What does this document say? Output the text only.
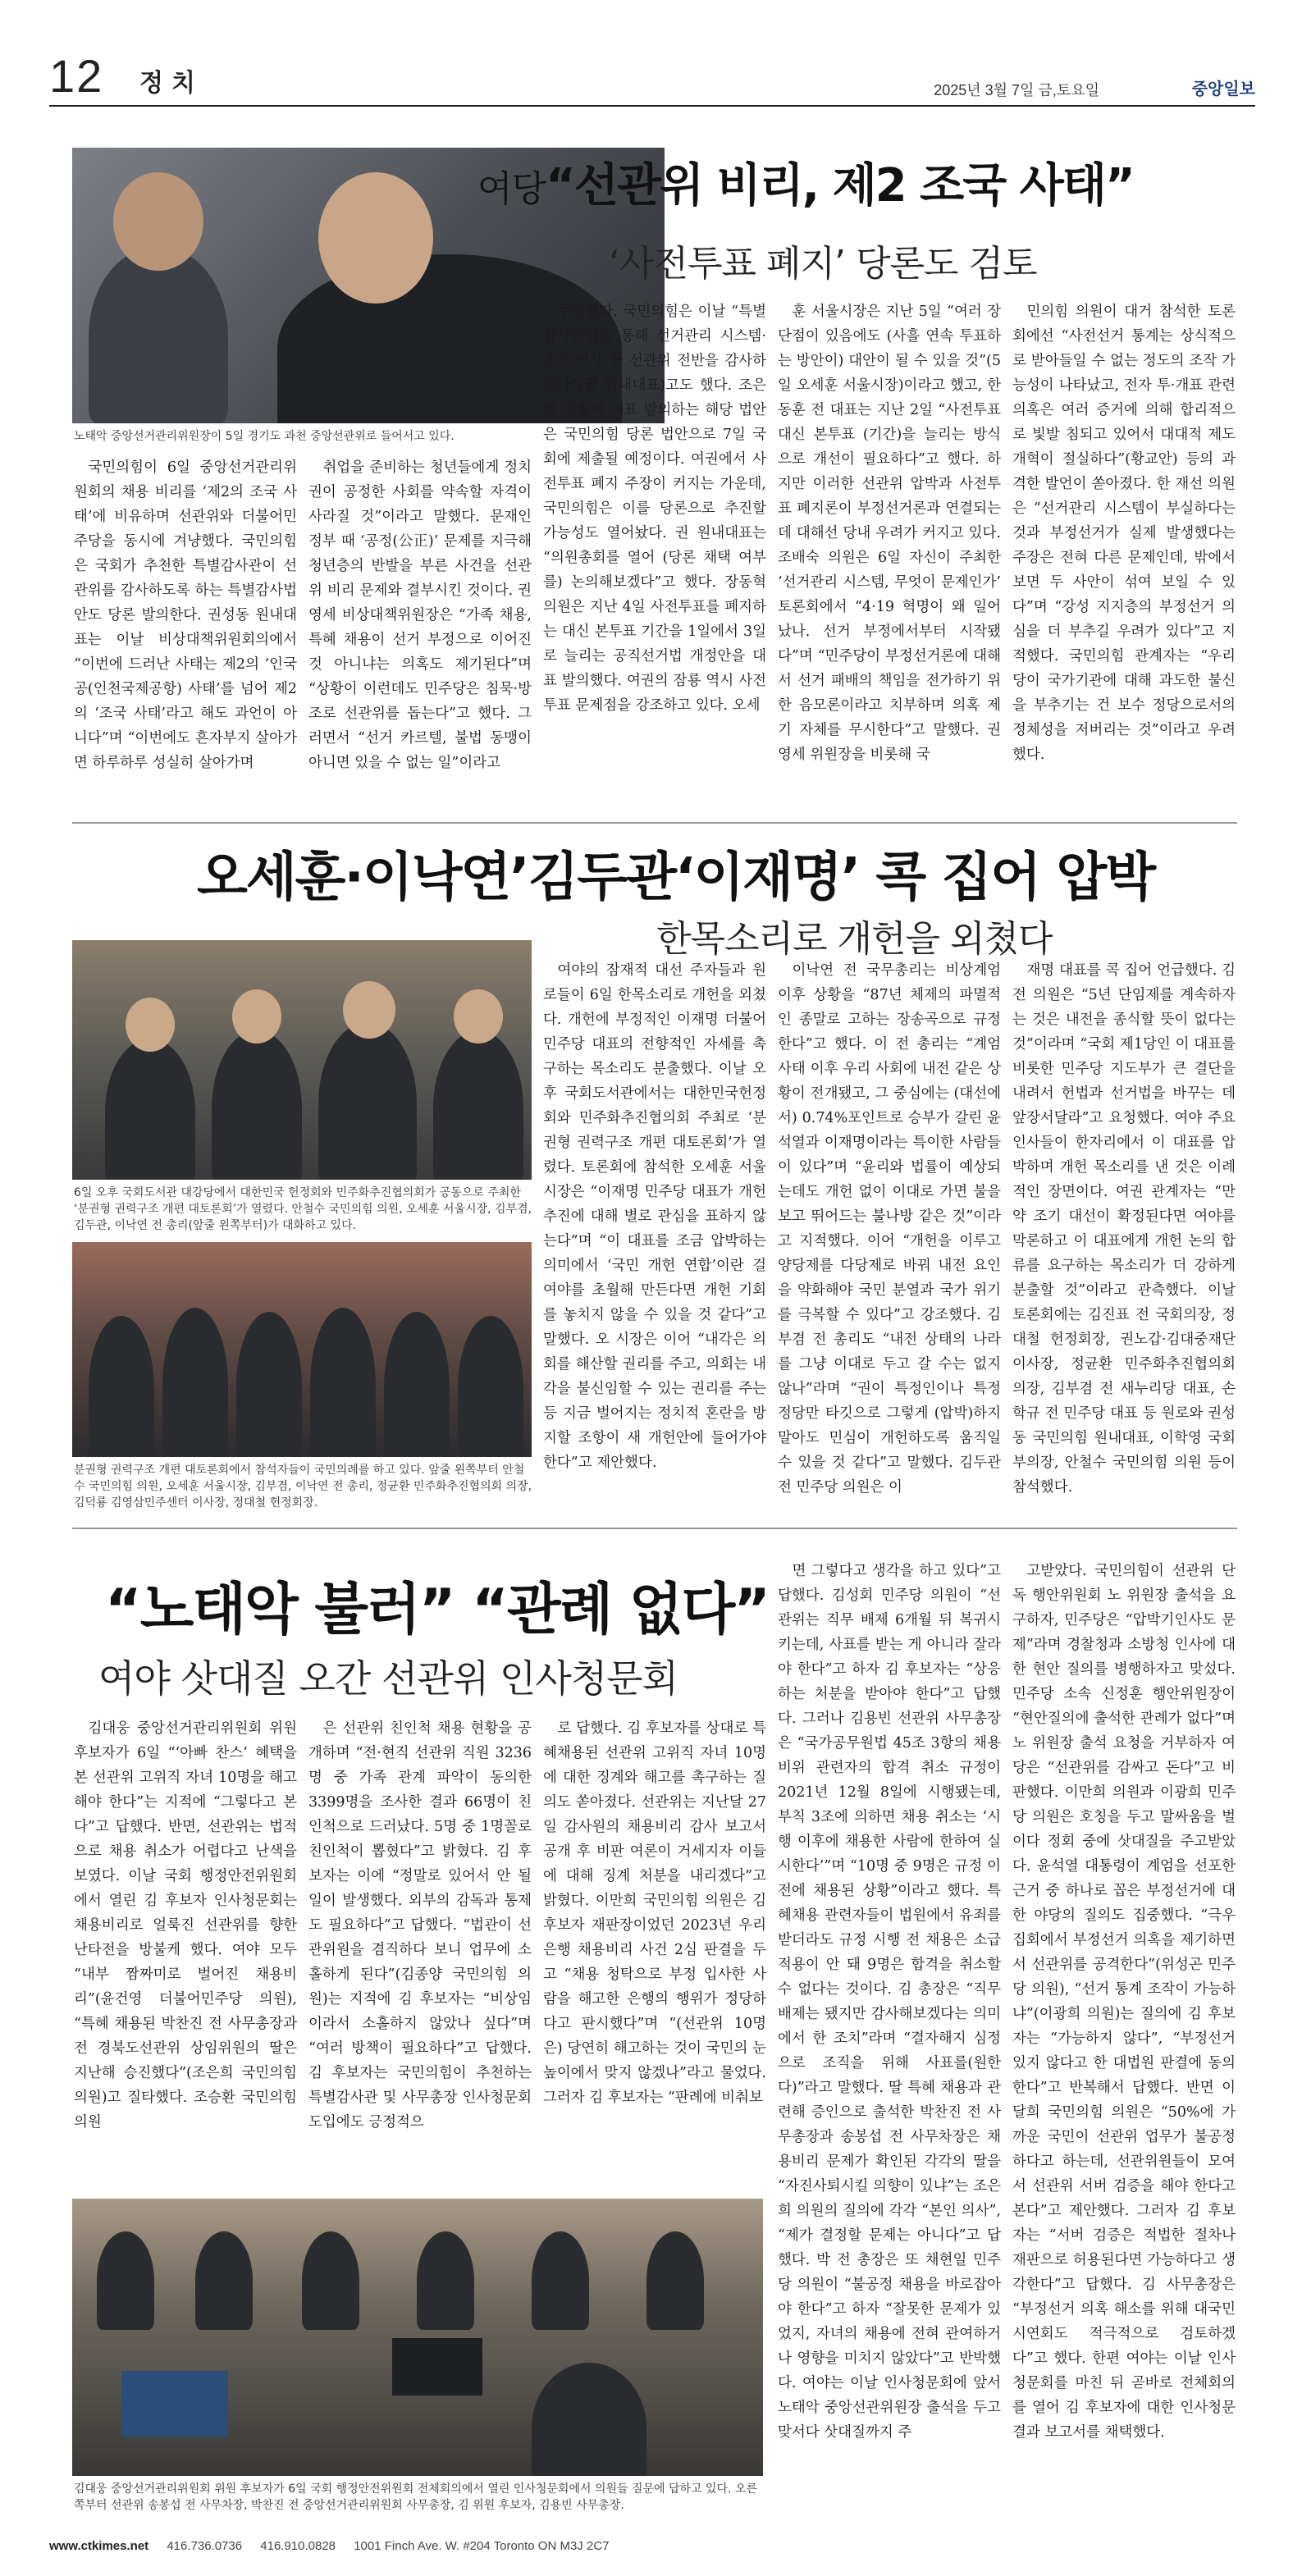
12 정치	2025년 3월 7일 금,토요일	중앙일보
노태악 중앙선거관리위원장이 5일 경기도 과천 중앙선관위로 들어서고 있다.
여당“선관위 비리, 제2 조국 사태”
‘사전투표 폐지’ 당론도 검토

국민의힘이 6일 중앙선거관리위원회의 채용 비리를 ‘제2의 조국 사태’에 비유하며 선관위와 더불어민주당을 동시에 겨냥했다. 국민의힘은 국회가 추천한 특별감사관이 선관위를 감사하도록 하는 특별감사법안도 당론 발의한다. 권성동 원내대표는 이날 비상대책위원회의에서 “이번에 드러난 사태는 제2의 ‘인국공(인천국제공항) 사태’를 넘어 제2의 ‘조국 사태’라고 해도 과언이 아니다”며 “이번에도 흔자부지 살아가면 하루하루 성실히 살아가며

취업을 준비하는 청년들에게 정치권이 공정한 사회를 약속할 자격이 사라질 것”이라고 말했다. 문재인 정부 때 ‘공정(公正)’ 문제를 지극해 청년층의 반발을 부른 사건을 선관위 비리 문제와 결부시킨 것이다. 권영세 비상대책위원장은 “가족 채용, 특혜 채용이 선거 부정으로 이어진 것 아니냐는 의혹도 제기된다”며 “상황이 이런데도 민주당은 침묵·방조로 선관위를 돕는다”고 했다. 그러면서 “선거 카르텔, 불법 동맹이 아니면 있을 수 없는 일”이라고

주장했다. 국민의힘은 이날 “특별감사관법을 통해 선거관리 시스템·조직·인사 등 선관위 전반을 감사하겠다”(권 원내대표)고도 했다. 조은희 의원이 대표 발의하는 해당 법안은 국민의힘 당론 법안으로 7일 국회에 제출될 예정이다. 여권에서 사전투표 폐지 주장이 커지는 가운데, 국민의힘은 이를 당론으로 추진할 가능성도 열어놨다. 권 원내대표는 “의원총회를 열어 (당론 채택 여부를) 논의해보겠다”고 했다. 장동혁 의원은 지난 4일 사전투표를 폐지하는 대신 본투표 기간을 1일에서 3일로 늘리는 공직선거법 개정안을 대표 발의했다. 여권의 잠룡 역시 사전투표 문제점을 강조하고 있다. 오세

훈 서울시장은 지난 5일 “여러 장단점이 있음에도 (사흘 연속 투표하는 방안이) 대안이 될 수 있을 것”(5일 오세훈 서울시장)이라고 했고, 한동훈 전 대표는 지난 2일 “사전투표 대신 본투표 (기간)을 늘리는 방식으로 개선이 필요하다”고 했다. 하지만 이러한 선관위 압박과 사전투표 폐지론이 부정선거론과 연결되는 데 대해선 당내 우려가 커지고 있다. 조배숙 의원은 6일 자신이 주최한 ‘선거관리 시스템, 무엇이 문제인가’ 토론회에서 “4·19 혁명이 왜 일어났나. 선거 부정에서부터 시작됐다”며 “민주당이 부정선거론에 대해서 선거 패배의 책임을 전가하기 위한 음모론이라고 치부하며 의혹 제기 자체를 무시한다”고 말했다. 권영세 위원장을 비롯해 국

민의힘 의원이 대거 참석한 토론회에선 “사전선거 통계는 상식적으로 받아들일 수 없는 정도의 조작 가능성이 나타났고, 전자 투·개표 관련 의혹은 여러 증거에 의해 합리적으로 빛발 침되고 있어서 대대적 제도 개혁이 절실하다”(황교안) 등의 과격한 발언이 쏟아졌다. 한 재선 의원은 “선거관리 시스템이 부실하다는 것과 부정선거가 실제 발생했다는 주장은 전혀 다른 문제인데, 밖에서 보면 두 사안이 섞여 보일 수 있다”며 “강성 지지층의 부정선거 의심을 더 부추길 우려가 있다”고 지적했다. 국민의힘 관계자는 “우리 당이 국가기관에 대해 과도한 불신을 부추기는 건 보수 정당으로서의 정체성을 저버리는 것”이라고 우려했다.

오세훈·이낙연’김두관‘이재명’ 콕 집어 압박
한목소리로 개헌을 외쳤다
6일 오후 국회도서관 대강당에서 대한민국 헌정회와 민주화추진협의회가 공동으로 주최한 ‘분권형 권력구조 개편 대토론회’가 열렸다. 안철수 국민의힘 의원, 오세훈 서울시장, 김부겸, 김두관, 이낙연 전 총리(앞줄 왼쪽부터)가 대화하고 있다.
분권형 권력구조 개편 대토론회에서 참석자들이 국민의례를 하고 있다. 앞줄 왼쪽부터 안철수 국민의힘 의원, 오세훈 서울시장, 김부겸, 이낙연 전 총리, 정균환 민주화추진협의회 의장, 김덕룡 김영삼민주센터 이사장, 정대철 헌정회장.

여야의 잠재적 대선 주자들과 원로들이 6일 한목소리로 개헌을 외쳤다. 개헌에 부정적인 이재명 더불어민주당 대표의 전향적인 자세를 촉구하는 목소리도 분출했다. 이날 오후 국회도서관에서는 대한민국헌정회와 민주화추진협의회 주최로 ‘분권형 권력구조 개편 대토론회’가 열렸다. 토론회에 참석한 오세훈 서울시장은 “이재명 민주당 대표가 개헌 추진에 대해 별로 관심을 표하지 않는다”며 “이 대표를 조금 압박하는 의미에서 ‘국민 개헌 연합’이란 걸 여야를 초월해 만든다면 개헌 기회를 놓치지 않을 수 있을 것 같다”고 말했다. 오 시장은 이어 “내각은 의회를 해산할 권리를 주고, 의회는 내각을 불신임할 수 있는 권리를 주는 등 지금 벌어지는 정치적 혼란을 방지할 조항이 새 개헌안에 들어가야 한다”고 제안했다.

이낙연 전 국무총리는 비상계엄 이후 상황을 “87년 체제의 파멸적인 종말로 고하는 장송곡으로 규정한다”고 했다. 이 전 총리는 “계엄 사태 이후 우리 사회에 내전 같은 상황이 전개됐고, 그 중심에는 (대선에서) 0.74%포인트로 승부가 갈린 윤석열과 이재명이라는 특이한 사람들이 있다”며 “윤리와 법률이 예상되는데도 개헌 없이 이대로 가면 불을 보고 뛰어드는 불나방 같은 것”이라고 지적했다. 이어 “개헌을 이루고 양당제를 다당제로 바꿔 내전 요인을 약화해야 국민 분열과 국가 위기를 극복할 수 있다”고 강조했다. 김부겸 전 총리도 “내전 상태의 나라를 그냥 이대로 두고 갈 수는 없지 않나”라며 “권이 특정인이나 특정 정당만 타깃으로 그렇게 (압박)하지 말아도 민심이 개헌하도록 움직일 수 있을 것 같다”고 말했다. 김두관 전 민주당 의원은 이

재명 대표를 콕 집어 언급했다. 김 전 의원은 “5년 단임제를 계속하자는 것은 내전을 종식할 뜻이 없다는 것”이라며 “국회 제1당인 이 대표를 비롯한 민주당 지도부가 큰 결단을 내려서 헌법과 선거법을 바꾸는 데 앞장서달라”고 요청했다. 여야 주요 인사들이 한자리에서 이 대표를 압박하며 개헌 목소리를 낸 것은 이례적인 장면이다. 여권 관계자는 “만약 조기 대선이 확정된다면 여야를 막론하고 이 대표에게 개헌 논의 합류를 요구하는 목소리가 더 강하게 분출할 것”이라고 관측했다. 이날 토론회에는 김진표 전 국회의장, 정대철 헌정회장, 권노갑·김대중재단 이사장, 정균환 민주화추진협의회 의장, 김부겸 전 새누리당 대표, 손학규 전 민주당 대표 등 원로와 권성동 국민의힘 원내대표, 이학영 국회부의장, 안철수 국민의힘 의원 등이 참석했다.

“노태악 불러” “관례 없다”
여야 삿대질 오간 선관위 인사청문회

김대웅 중앙선거관리위원회 위원 후보자가 6일 “‘아빠 찬스’ 혜택을 본 선관위 고위직 자녀 10명을 해고해야 한다”는 지적에 “그렇다고 본다”고 답했다. 반면, 선관위는 법적으로 채용 취소가 어렵다고 난색을 보였다. 이날 국회 행정안전위원회에서 열린 김 후보자 인사청문회는 채용비리로 얼룩진 선관위를 향한 난타전을 방불케 했다. 여야 모두 “내부 짬짜미로 벌어진 채용비리”(윤건영 더불어민주당 의원), “특혜 채용된 박찬진 전 사무총장과 전 경북도선관위 상임위원의 딸은 지난해 승진했다”(조은희 국민의힘 의원)고 질타했다. 조승환 국민의힘 의원

은 선관위 친인척 채용 현황을 공개하며 “전·현직 선관위 직원 3236명 중 가족 관계 파악이 동의한 3399명을 조사한 결과 66명이 친인척으로 드러났다. 5명 중 1명꼴로 친인척이 뽑혔다”고 밝혔다. 김 후보자는 이에 “정말로 있어서 안 될 일이 발생했다. 외부의 감독과 통제도 필요하다”고 답했다. “법관이 선관위원을 겸직하다 보니 업무에 소홀하게 된다”(김종양 국민의힘 의원)는 지적에 김 후보자는 “비상임이라서 소홀하지 않았나 싶다”며 “여러 방책이 필요하다”고 답했다. 김 후보자는 국민의힘이 추천하는 특별감사관 및 사무총장 인사청문회 도입에도 긍정적으

로 답했다. 김 후보자를 상대로 특혜채용된 선관위 고위직 자녀 10명에 대한 징계와 해고를 촉구하는 질의도 쏟아졌다. 선관위는 지난달 27일 감사원의 채용비리 감사 보고서 공개 후 비판 여론이 거세지자 이들에 대해 징계 처분을 내리겠다”고 밝혔다. 이만희 국민의힘 의원은 김 후보자 재판장이었던 2023년 우리은행 채용비리 사건 2심 판결을 두고 “채용 청탁으로 부정 입사한 사람을 해고한 은행의 행위가 정당하다고 판시했다”며 “(선관위 10명은) 당연히 해고하는 것이 국민의 눈높이에서 맞지 않겠나”라고 물었다. 그러자 김 후보자는 “판례에 비춰보

면 그렇다고 생각을 하고 있다”고 답했다. 김성회 민주당 의원이 “선관위는 직무 배제 6개월 뒤 복귀시키는데, 사표를 받는 게 아니라 잘라야 한다”고 하자 김 후보자는 “상응하는 처분을 받아야 한다”고 답했다. 그러나 김용빈 선관위 사무총장은 “국가공무원법 45조 3항의 채용 비위 관련자의 합격 취소 규정이 2021년 12월 8일에 시행됐는데, 부칙 3조에 의하면 채용 취소는 ‘시행 이후에 채용한 사람에 한하여 실시한다’”며 “10명 중 9명은 규정 이전에 채용된 상황”이라고 했다. 특혜채용 관련자들이 법원에서 유죄를 받더라도 규정 시행 전 채용은 소급 적용이 안 돼 9명은 합격을 취소할 수 없다는 것이다. 김 총장은 “직무 배제는 됐지만 감사해보겠다는 의미에서 한 조치”라며 “결자해지 심정으로 조직을 위해 사표를(원한다)”라고 말했다. 딸 특혜 채용과 관련해 증인으로 출석한 박찬진 전 사무총장과 송봉섭 전 사무차장은 채용비리 문제가 확인된 각각의 딸을 “자진사퇴시킬 의향이 있냐”는 조은희 의원의 질의에 각각 “본인 의사”, “제가 결정할 문제는 아니다”고 답했다. 박 전 총장은 또 채현일 민주당 의원이 “불공정 채용을 바로잡아야 한다”고 하자 “잘못한 문제가 있었지, 자녀의 채용에 전혀 관여하거나 영향을 미치지 않았다”고 반박했다. 여야는 이날 인사청문회에 앞서 노태악 중앙선관위원장 출석을 두고 맞서다 삿대질까지 주

고받았다. 국민의힘이 선관위 단독 행안위원회 노 위원장 출석을 요구하자, 민주당은 “압박기인사도 문제”라며 경찰청과 소방청 인사에 대한 현안 질의를 병행하자고 맞섰다. 민주당 소속 신정훈 행안위원장이 “현안질의에 출석한 관례가 없다”며 노 위원장 출석 요청을 거부하자 여당은 “선관위를 감싸고 돈다”고 비판했다. 이만희 의원과 이광희 민주당 의원은 호칭을 두고 말싸움을 벌이다 정회 중에 삿대질을 주고받았다. 윤석열 대통령이 계엄을 선포한 근거 중 하나로 꼽은 부정선거에 대한 야당의 질의도 집중했다. “극우 집회에서 부정선거 의혹을 제기하면서 선관위를 공격한다”(위성곤 민주당 의원), “선거 통계 조작이 가능하냐”(이광희 의원)는 질의에 김 후보자는 “가능하지 않다”, “부정선거 있지 않다고 한 대법원 판결에 동의한다”고 반복해서 답했다. 반면 이달희 국민의힘 의원은 “50%에 가까운 국민이 선관위 업무가 불공정하다고 하는데, 선관위원들이 모여서 선관위 서버 검증을 해야 한다고 본다”고 제안했다. 그러자 김 후보자는 “서버 검증은 적법한 절차나 재판으로 허용된다면 가능하다고 생각한다”고 답했다. 김 사무총장은 “부정선거 의혹 해소를 위해 대국민 시연회도 적극적으로 검토하겠다”고 했다. 한편 여야는 이날 인사청문회를 마친 뒤 곧바로 전체회의를 열어 김 후보자에 대한 인사청문 결과 보고서를 채택했다.

김대웅 중앙선거관리위원회 위원 후보자가 6일 국회 행정안전위원회 전체회의에서 열린 인사청문회에서 의원들 질문에 답하고 있다. 오른쪽부터 선관위 송봉섭 전 사무차장, 박찬진 전 중앙선거관리위원회 사무총장, 김 위원 후보자, 김용빈 사무총장.
www.ctkimes.net 416.736.0736 416.910.0828 1001 Finch Ave. W. #204 Toronto ON M3J 2C7
